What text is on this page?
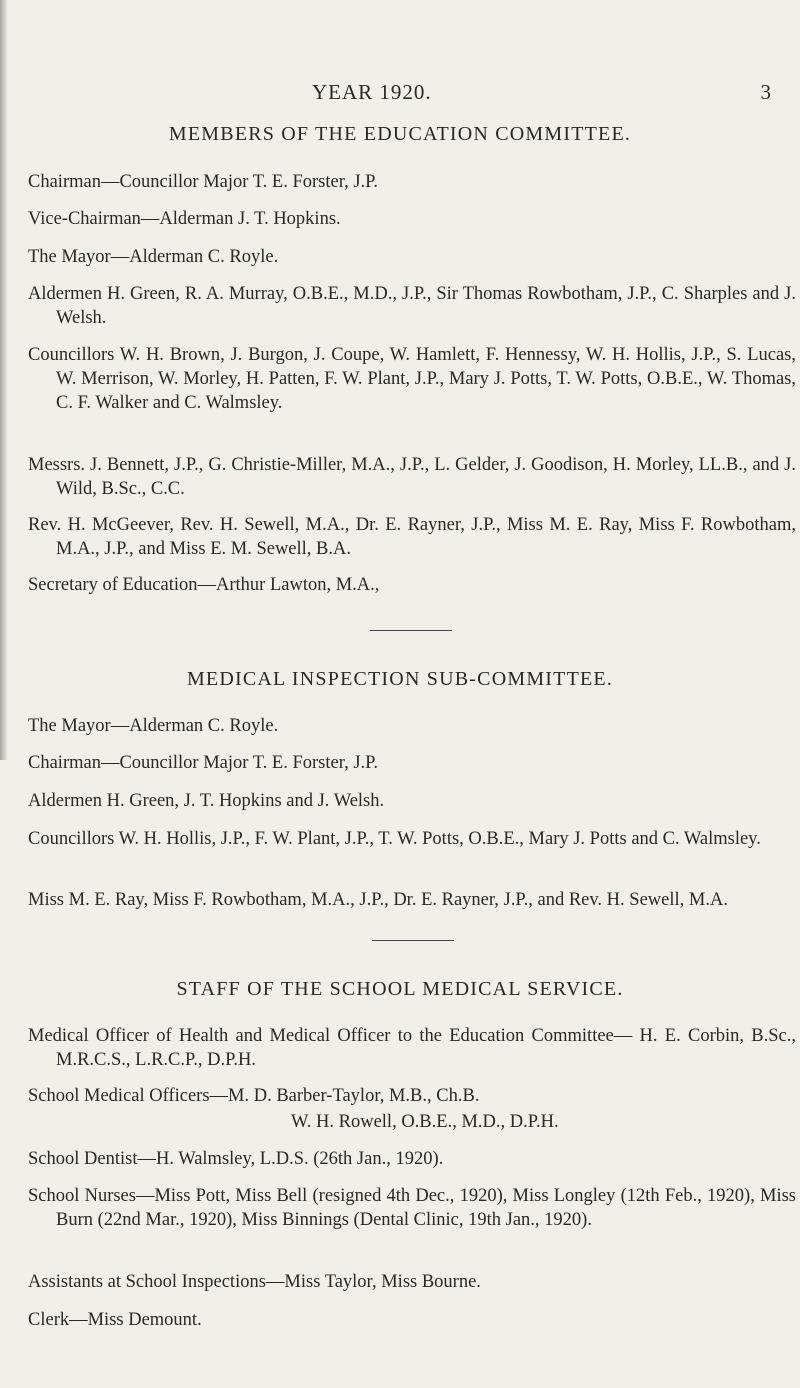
YEAR 1920.	3
MEMBERS OF THE EDUCATION COMMITTEE.
Chairman—Councillor Major T. E. Forster, J.P.
Vice-Chairman—Alderman J. T. Hopkins.
The Mayor—Alderman C. Royle.
Aldermen H. Green, R. A. Murray, O.B.E., M.D., J.P., Sir Thomas Rowbotham, J.P., C. Sharples and J. Welsh.
Councillors W. H. Brown, J. Burgon, J. Coupe, W. Hamlett, F. Hennessy, W. H. Hollis, J.P., S. Lucas, W. Merrison, W. Morley, H. Patten, F. W. Plant, J.P., Mary J. Potts, T. W. Potts, O.B.E., W. Thomas, C. F. Walker and C. Walmsley.
Messrs. J. Bennett, J.P., G. Christie-Miller, M.A., J.P., L. Gelder, J. Goodison, H. Morley, LL.B., and J. Wild, B.Sc., C.C.
Rev. H. McGeever, Rev. H. Sewell, M.A., Dr. E. Rayner, J.P., Miss M. E. Ray, Miss F. Rowbotham, M.A., J.P., and Miss E. M. Sewell, B.A.
Secretary of Education—Arthur Lawton, M.A.,
MEDICAL INSPECTION SUB-COMMITTEE.
The Mayor—Alderman C. Royle.
Chairman—Councillor Major T. E. Forster, J.P.
Aldermen H. Green, J. T. Hopkins and J. Welsh.
Councillors W. H. Hollis, J.P., F. W. Plant, J.P., T. W. Potts, O.B.E., Mary J. Potts and C. Walmsley.
Miss M. E. Ray, Miss F. Rowbotham, M.A., J.P., Dr. E. Rayner, J.P., and Rev. H. Sewell, M.A.
STAFF OF THE SCHOOL MEDICAL SERVICE.
Medical Officer of Health and Medical Officer to the Education Committee— H. E. Corbin, B.Sc., M.R.C.S., L.R.C.P., D.P.H.
School Medical Officers—M. D. Barber-Taylor, M.B., Ch.B.
W. H. Rowell, O.B.E., M.D., D.P.H.
School Dentist—H. Walmsley, L.D.S. (26th Jan., 1920).
School Nurses—Miss Pott, Miss Bell (resigned 4th Dec., 1920), Miss Longley (12th Feb., 1920), Miss Burn (22nd Mar., 1920), Miss Binnings (Dental Clinic, 19th Jan., 1920).
Assistants at School Inspections—Miss Taylor, Miss Bourne.
Clerk—Miss Demount.
